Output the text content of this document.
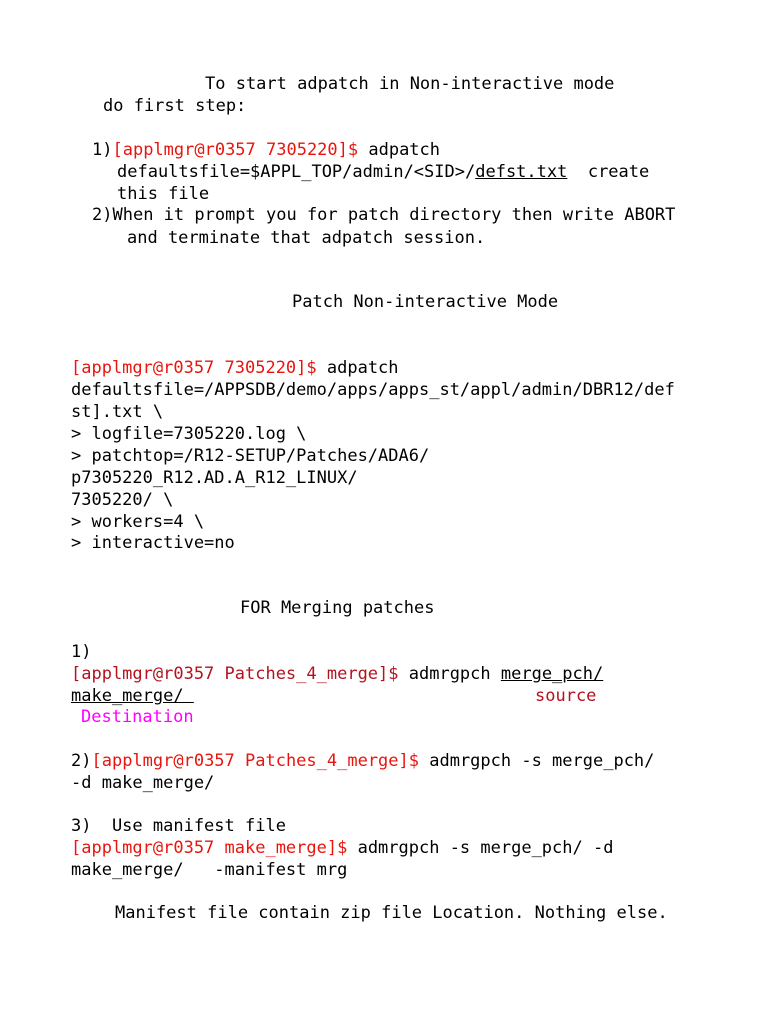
To start adpatch in Non-interactive mode
do first step:
1)[applmgr@r0357 7305220]$ adpatch
defaultsfile=$APPL_TOP/admin/<SID>/defst.txt  create
this file
2)When it prompt you for patch directory then write ABORT
and terminate that adpatch session.
Patch Non-interactive Mode
[applmgr@r0357 7305220]$ adpatch
defaultsfile=/APPSDB/demo/apps/apps_st/appl/admin/DBR12/def
st].txt \
> logfile=7305220.log \
> patchtop=/R12-SETUP/Patches/ADA6/
p7305220_R12.AD.A_R12_LINUX/
7305220/ \
> workers=4 \
> interactive=no
FOR Merging patches
1)
[applmgr@r0357 Patches_4_merge]$ admrgpch merge_pch/
make_merge/	source
Destination
2)[applmgr@r0357 Patches_4_merge]$ admrgpch -s merge_pch/
-d make_merge/
3)  Use manifest file
[applmgr@r0357 make_merge]$ admrgpch -s merge_pch/ -d
make_merge/   -manifest mrg
Manifest file contain zip file Location. Nothing else.
